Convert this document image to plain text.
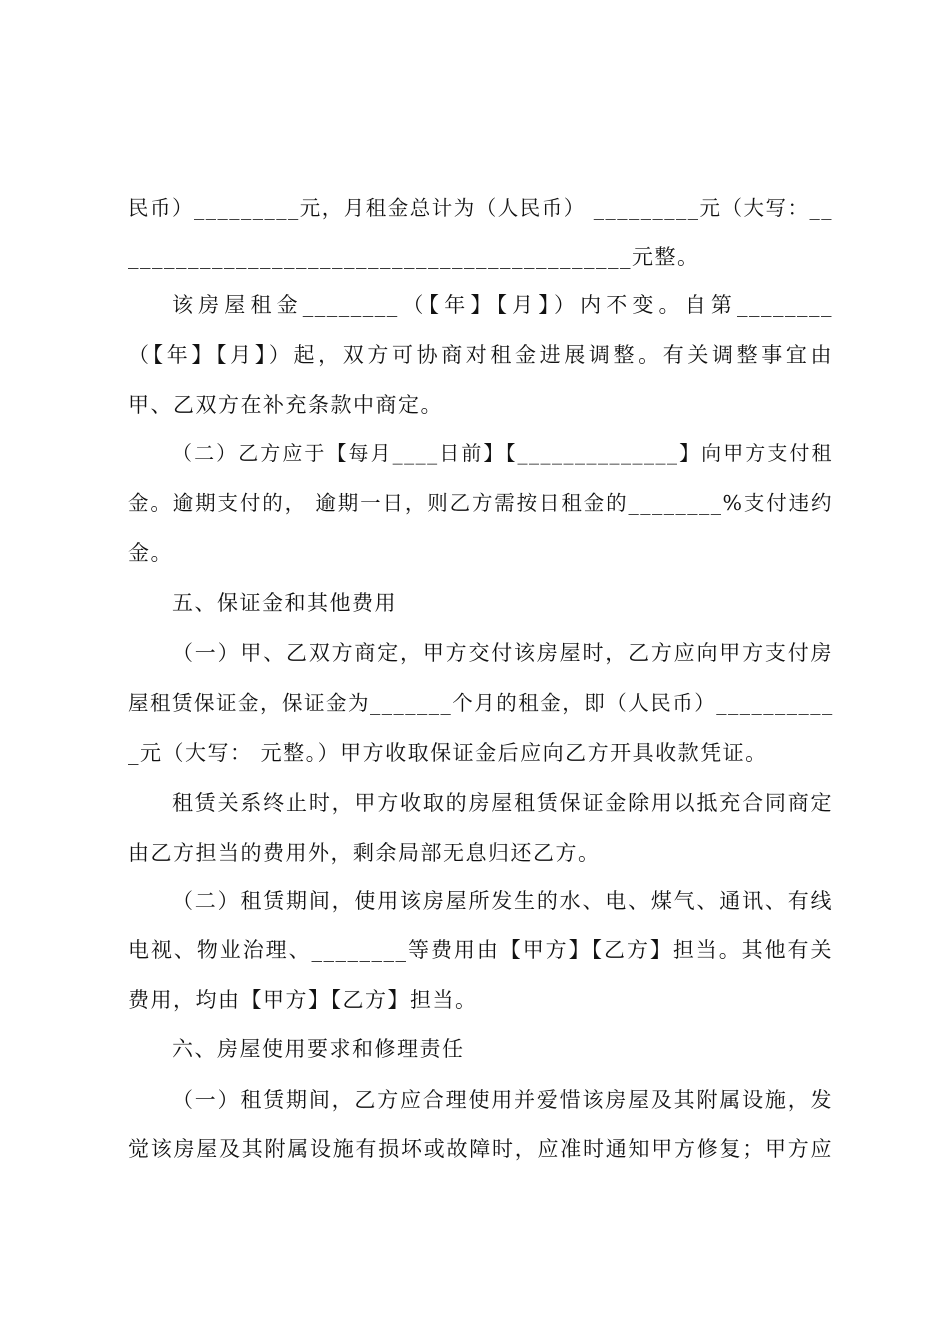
民币）_________元，月租金总计为（人民币） _________元（大写：__
__________________________________________元整。
该房屋租金________（【年】【月】）内不变。自第________
（【年】【月】）起，双方可协商对租金进展调整。有关调整事宜由
甲、乙双方在补充条款中商定。
（二）乙方应于【每月____日前】【______________】向甲方支付租
金。逾期支付的， 逾期一日，则乙方需按日租金的________%支付违约
金。
五、保证金和其他费用
（一）甲、乙双方商定，甲方交付该房屋时，乙方应向甲方支付房
屋租赁保证金，保证金为_______个月的租金，即（人民币）__________
_元（大写： 元整。）甲方收取保证金后应向乙方开具收款凭证。
租赁关系终止时，甲方收取的房屋租赁保证金除用以抵充合同商定
由乙方担当的费用外，剩余局部无息归还乙方。
（二）租赁期间，使用该房屋所发生的水、电、煤气、通讯、有线
电视、物业治理、________等费用由【甲方】【乙方】担当。其他有关
费用，均由【甲方】【乙方】担当。
六、房屋使用要求和修理责任
（一）租赁期间，乙方应合理使用并爱惜该房屋及其附属设施，发
觉该房屋及其附属设施有损坏或故障时，应准时通知甲方修复；甲方应
